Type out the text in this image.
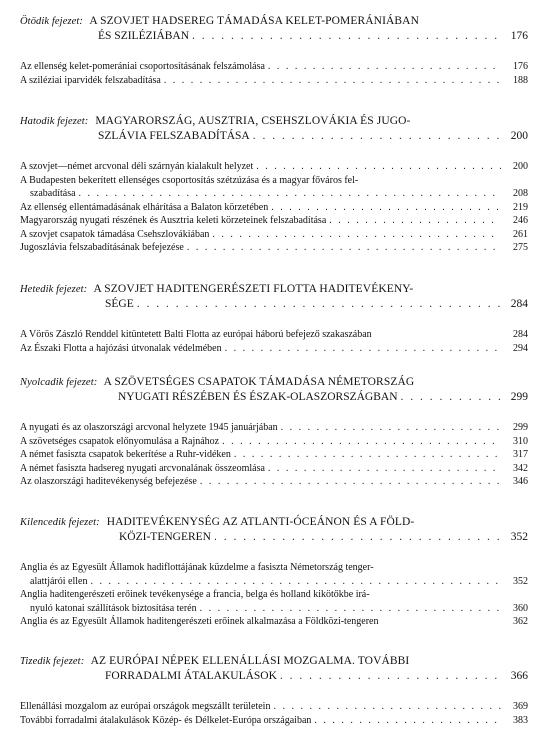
Ötödik fejezet: A SZOVJET HADSEREG TÁMADÁSA KELET-POMERÁNIÁBAN
ÉS SZILÉZIÁBAN . . .	176
Az ellenség kelet-pomerániai csoportosításának felszámolása . . .	176
A sziléziai iparvidék felszabadítása . . .	188
Hatodik fejezet: MAGYARORSZÁG, AUSZTRIA, CSEHSZLOVÁKIA ÉS JUGO-
SZLÁVIA FELSZABADÍTÁSA . . .	200
A szovjet—német arcvonal déli szárnyán kialakult helyzet . . .	200
A Budapesten bekerített ellenséges csoportosítás szétzúzása és a magyar főváros fel-
szabadítása . . .	208
Az ellenség ellentámadásának elhárítása a Balaton körzetében . . .	219
Magyarország nyugati részének és Ausztria keleti körzeteinek felszabadítása . . .	246
A szovjet csapatok támadása Csehszlovákiában . . .	261
Jugoszlávia felszabadításának befejezése . . .	275
Hetedik fejezet: A SZOVJET HADITENGERÉSZETI FLOTTA HADITEVÉKENY-
SÉGE . . .	284
A Vörös Zászló Renddel kitüntetett Balti Flotta az európai háború befejező szakaszában	284
Az Északi Flotta a hajózási útvonalak védelmében . . .	294
Nyolcadik fejezet: A SZÖVETSÉGES CSAPATOK TÁMADÁSA NÉMETORSZÁG
NYUGATI RÉSZÉBEN ÉS ÉSZAK-OLASZORSZÁGBAN . . .	299
A nyugati és az olaszországi arcvonal helyzete 1945 januárjában . . .	299
A szövetséges csapatok előnyomulása a Rajnához . . .	310
A német fasiszta csapatok bekerítése a Ruhr-vidéken . . .	317
A német fasiszta hadsereg nyugati arcvonalának összeomlása . . .	342
Az olaszországi haditevékenység befejezése . . .	346
Kilencedik fejezet: HADITEVÉKENYSÉG AZ ATLANTI-ÓCEÁNON ÉS A FÖLD-
KÖZI-TENGEREN . . .	352
Anglia és az Egyesült Államok hadiflottájának küzdelme a fasiszta Németország tenger-
alattjárói ellen . . .	352
Anglia haditengerészeti erőinek tevékenysége a francia, belga és holland kikötőkbe irá-
nyuló katonai szállítások biztosítása terén . . .	360
Anglia és az Egyesült Államok haditengerészeti erőinek alkalmazása a Földközi-tengeren	362
Tizedik fejezet: AZ EURÓPAI NÉPEK ELLENÁLLÁSI MOZGALMA. TOVÁBBI
FORRADALMI ÁTALAKULÁSOK . . .	366
Ellenállási mozgalom az európai országok megszállt területein . . .	369
További forradalmi átalakulások Közép- és Délkelet-Európa országaiban . . .	383
